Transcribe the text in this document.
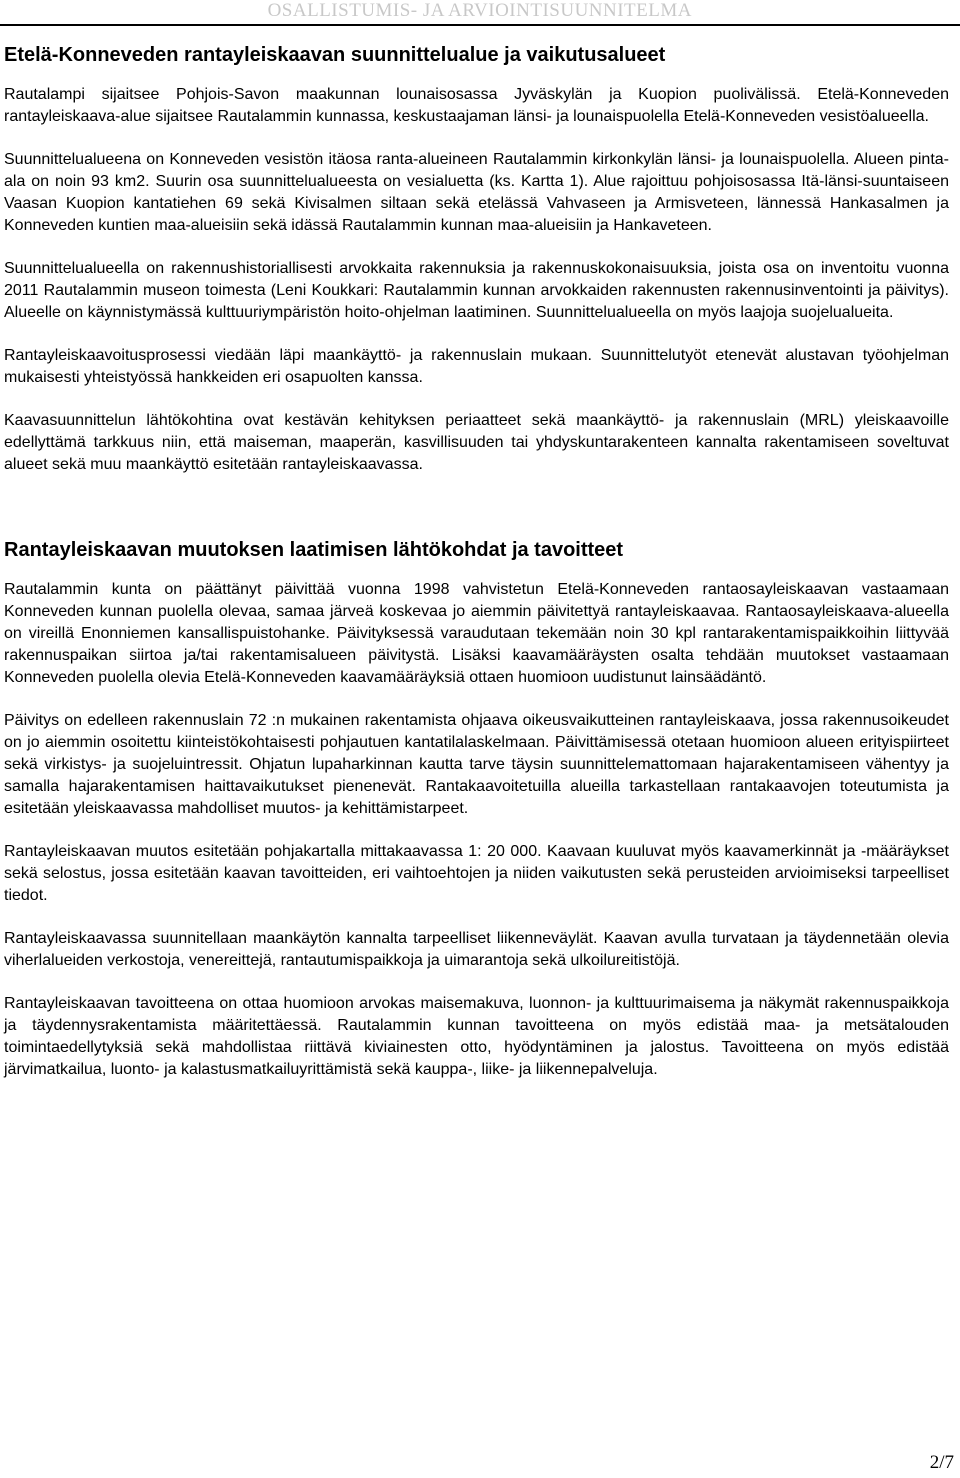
OSALLISTUMIS- JA ARVIOINTISUUNNITELMA
Etelä-Konneveden rantayleiskaavan suunnittelualue ja vaikutusalueet

Rautalampi sijaitsee Pohjois-Savon maakunnan lounaisosassa Jyväskylän ja Kuopion puolivälissä. Etelä-Konneveden rantayleiskaava-alue sijaitsee Rautalammin kunnassa, keskustaajaman länsi- ja lounaispuolella Etelä-Konneveden vesistöalueella.

Suunnittelualueena on Konneveden vesistön itäosa ranta-alueineen Rautalammin kirkonkylän länsi- ja lounaispuolella. Alueen pinta-ala on noin 93 km2. Suurin osa suunnittelualueesta on vesialuetta (ks. Kartta 1). Alue rajoittuu pohjoisosassa Itä-länsi-suuntaiseen Vaasan Kuopion kantatiehen 69 sekä Kivisalmen siltaan sekä etelässä Vahvaseen ja Armisveteen, lännessä Hankasalmen ja Konneveden kuntien maa-alueisiin sekä idässä Rautalammin kunnan maa-alueisiin ja Hankaveteen.

Suunnittelualueella on rakennushistoriallisesti arvokkaita rakennuksia ja rakennuskokonaisuuksia, joista osa on inventoitu vuonna 2011 Rautalammin museon toimesta (Leni Koukkari: Rautalammin kunnan arvokkaiden rakennusten rakennusinventointi ja päivitys). Alueelle on käynnistymässä kulttuuriympäristön hoito-ohjelman laatiminen. Suunnittelualueella on myös laajoja suojelualueita.

Rantayleiskaavoitusprosessi viedään läpi maankäyttö- ja rakennuslain mukaan. Suunnittelutyöt etenevät alustavan työohjelman mukaisesti yhteistyössä hankkeiden eri osapuolten kanssa.

Kaavasuunnittelun lähtökohtina ovat kestävän kehityksen periaatteet sekä maankäyttö- ja rakennuslain (MRL) yleiskaavoille edellyttämä tarkkuus niin, että maiseman, maaperän, kasvillisuuden tai yhdyskuntarakenteen kannalta rakentamiseen soveltuvat alueet sekä muu maankäyttö esitetään rantayleiskaavassa.

Rantayleiskaavan muutoksen laatimisen lähtökohdat ja tavoitteet

Rautalammin kunta on päättänyt päivittää vuonna 1998 vahvistetun Etelä-Konneveden rantaosayleiskaavan vastaamaan Konneveden kunnan puolella olevaa, samaa järveä koskevaa jo aiemmin päivitettyä rantayleiskaavaa. Rantaosayleiskaava-alueella on vireillä Enonniemen kansallispuistohanke. Päivityksessä varaudutaan tekemään noin 30 kpl rantarakentamispaikkoihin liittyvää rakennuspaikan siirtoa ja/tai rakentamisalueen päivitystä. Lisäksi kaavamääräysten osalta tehdään muutokset vastaamaan Konneveden puolella olevia Etelä-Konneveden kaavamääräyksiä ottaen huomioon uudistunut lainsäädäntö.

Päivitys on edelleen rakennuslain 72 :n mukainen rakentamista ohjaava oikeusvaikutteinen rantayleiskaava, jossa rakennusoikeudet on jo aiemmin osoitettu kiinteistökohtaisesti pohjautuen kantatilalaskelmaan. Päivittämisessä otetaan huomioon alueen erityispiirteet sekä virkistys- ja suojeluintressit. Ohjatun lupaharkinnan kautta tarve täysin suunnittelemattomaan hajarakentamiseen vähentyy ja samalla hajarakentamisen haittavaikutukset pienenevät. Rantakaavoitetuilla alueilla tarkastellaan rantakaavojen toteutumista ja esitetään yleiskaavassa mahdolliset muutos- ja kehittämistarpeet.

Rantayleiskaavan muutos esitetään pohjakartalla mittakaavassa 1: 20 000. Kaavaan kuuluvat myös kaavamerkinnät ja -määräykset sekä selostus, jossa esitetään kaavan tavoitteiden, eri vaihtoehtojen ja niiden vaikutusten sekä perusteiden arvioimiseksi tarpeelliset tiedot.

Rantayleiskaavassa suunnitellaan maankäytön kannalta tarpeelliset liikenneväylät. Kaavan avulla turvataan ja täydennetään olevia viherlalueiden verkostoja, venereittejä, rantautumispaikkoja ja uimarantoja sekä ulkoilureitistöjä.

Rantayleiskaavan tavoitteena on ottaa huomioon arvokas maisemakuva, luonnon- ja kulttuurimaisema ja näkymät rakennuspaikkoja ja täydennysrakentamista määritettäessä. Rautalammin kunnan tavoitteena on myös edistää maa- ja metsätalouden toimintaedellytyksiä sekä mahdollistaa riittävä kiviainesten otto, hyödyntäminen ja jalostus. Tavoitteena on myös edistää järvimatkailua, luonto- ja kalastusmatkailuyrittämistä sekä kauppa-, liike- ja liikennepalveluja.

2/7
